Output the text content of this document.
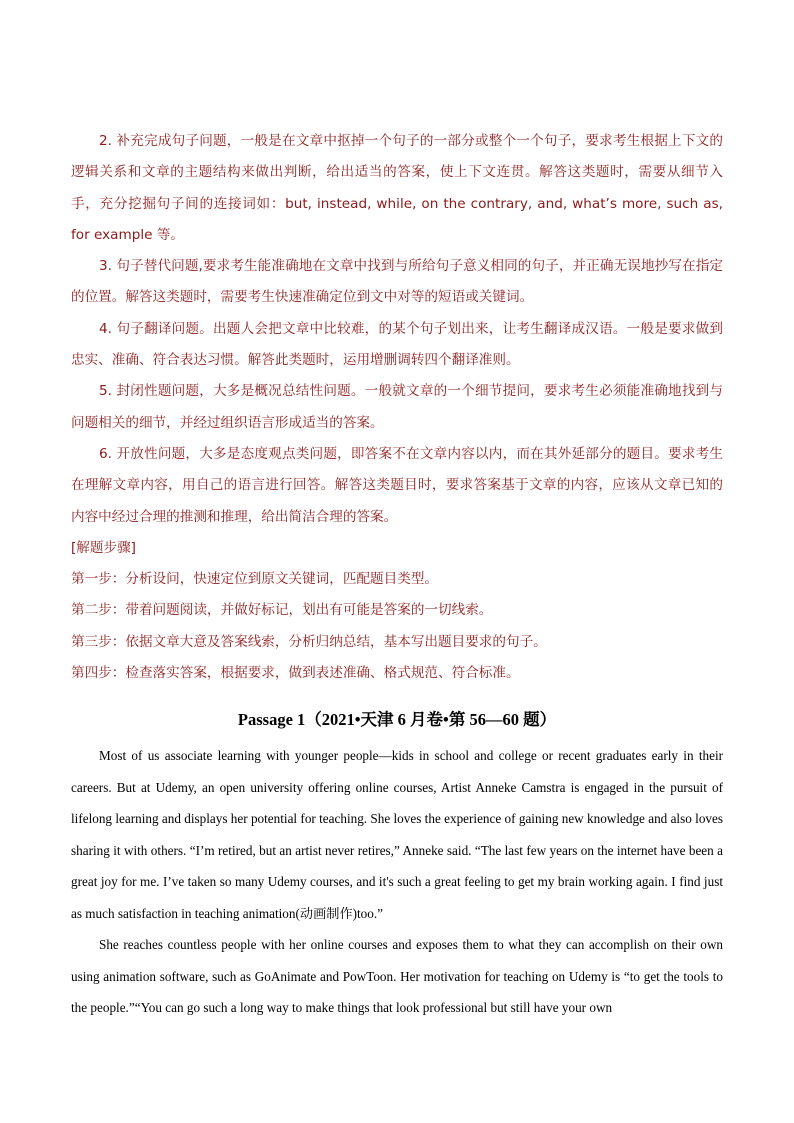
2. 补充完成句子问题，一般是在文章中抠掉一个句子的一部分或整个一个句子，要求考生根据上下文的逻辑关系和文章的主题结构来做出判断，给出适当的答案，使上下文连贯。解答这类题时，需要从细节入手，充分挖掘句子间的连接词如：but, instead, while, on the contrary, and, what’s more, such as, for example 等。

3. 句子替代问题,要求考生能准确地在文章中找到与所给句子意义相同的句子，并正确无误地抄写在指定的位置。解答这类题时，需要考生快速准确定位到文中对等的短语或关键词。

4. 句子翻译问题。出题人会把文章中比较难，的某个句子划出来，让考生翻译成汉语。一般是要求做到忠实、准确、符合表达习惯。解答此类题时，运用增删调转四个翻译准则。

5. 封闭性题问题，大多是概况总结性问题。一般就文章的一个细节提问，要求考生必须能准确地找到与问题相关的细节，并经过组织语言形成适当的答案。

6. 开放性问题，大多是态度观点类问题，即答案不在文章内容以内，而在其外延部分的题目。要求考生在理解文章内容，用自己的语言进行回答。解答这类题目时，要求答案基于文章的内容，应该从文章已知的内容中经过合理的推测和推理，给出简洁合理的答案。

[解题步骤]

第一步：分析设问，快速定位到原文关键词，匹配题目类型。

第二步：带着问题阅读，并做好标记，划出有可能是答案的一切线索。

第三步：依据文章大意及答案线索，分析归纳总结，基本写出题目要求的句子。

第四步：检查落实答案，根据要求，做到表述准确、格式规范、符合标准。

Passage 1（2021•天津 6 月卷•第 56—60 题）

Most of us associate learning with younger people—kids in school and college or recent graduates early in their careers. But at Udemy, an open university offering online courses, Artist Anneke Camstra is engaged in the pursuit of lifelong learning and displays her potential for teaching. She loves the experience of gaining new knowledge and also loves sharing it with others. “I’m retired, but an artist never retires,” Anneke said. “The last few years on the internet have been a great joy for me. I’ve taken so many Udemy courses, and it's such a great feeling to get my brain working again. I find just as much satisfaction in teaching animation(动画制作)too.”

She reaches countless people with her online courses and exposes them to what they can accomplish on their own using animation software, such as GoAnimate and PowToon. Her motivation for teaching on Udemy is “to get the tools to the people.”“You can go such a long way to make things that look professional but still have your own
